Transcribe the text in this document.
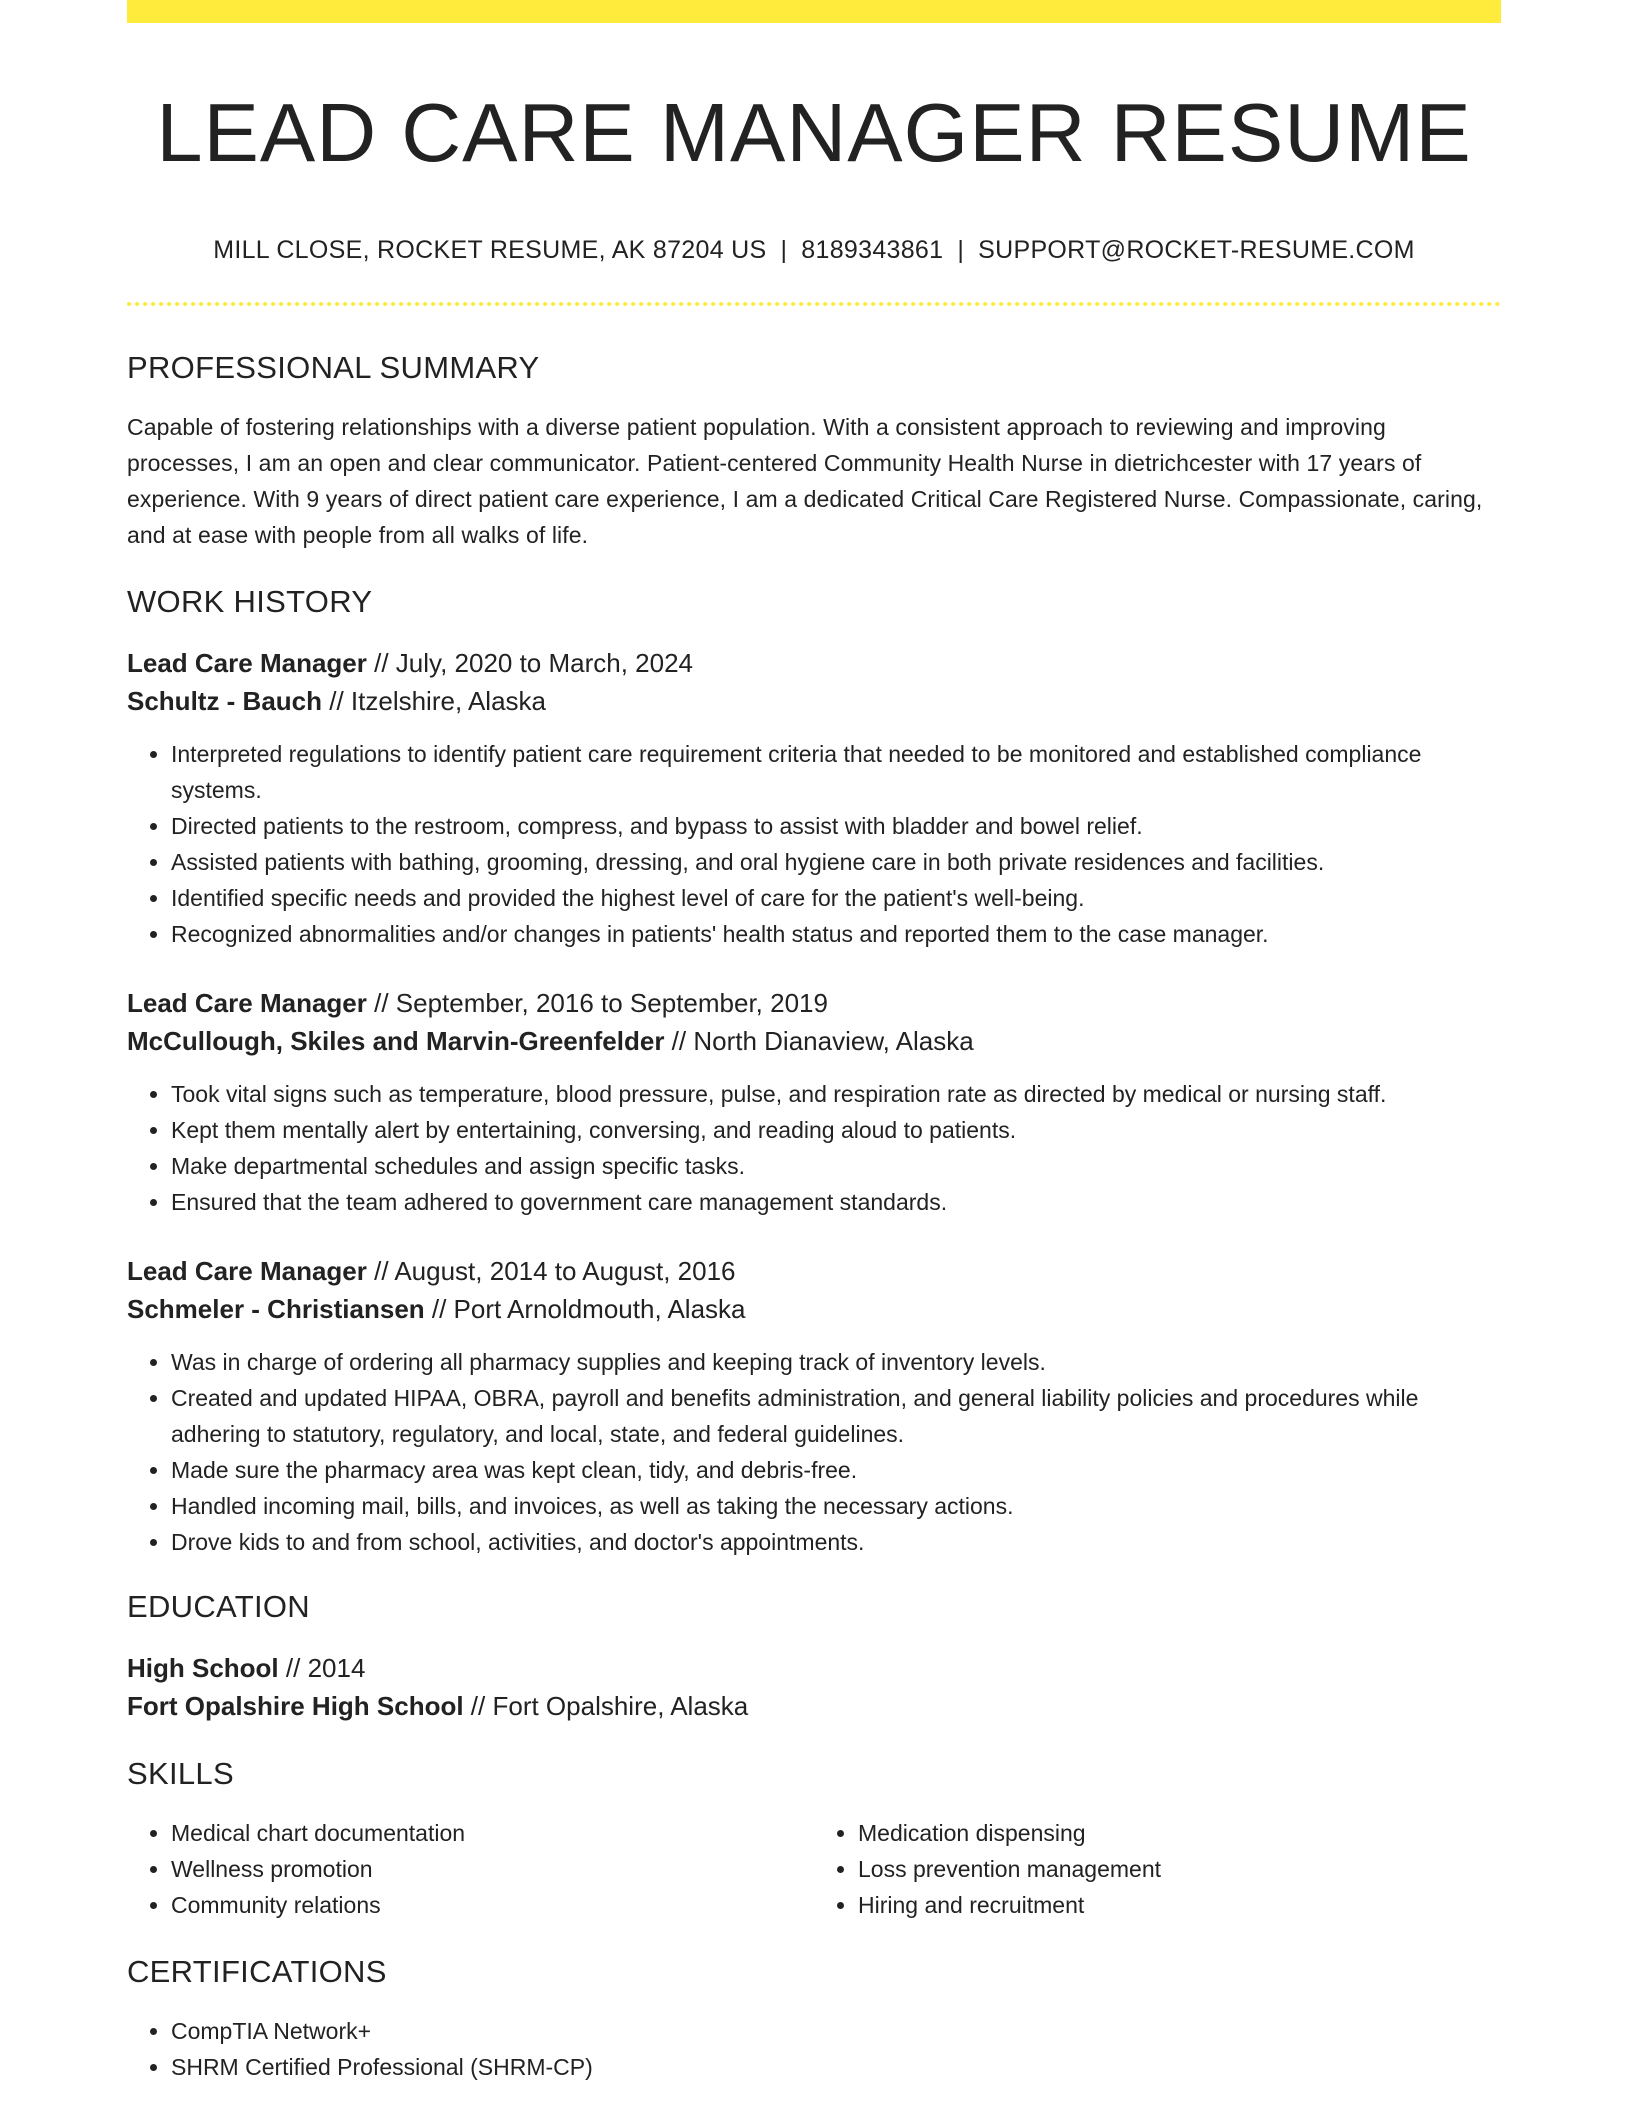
LEAD CARE MANAGER RESUME
MILL CLOSE, ROCKET RESUME, AK 87204 US | 8189343861 | SUPPORT@ROCKET-RESUME.COM
PROFESSIONAL SUMMARY
Capable of fostering relationships with a diverse patient population. With a consistent approach to reviewing and improving processes, I am an open and clear communicator. Patient-centered Community Health Nurse in dietrichcester with 17 years of experience. With 9 years of direct patient care experience, I am a dedicated Critical Care Registered Nurse. Compassionate, caring, and at ease with people from all walks of life.
WORK HISTORY
Lead Care Manager // July, 2020 to March, 2024
Schultz - Bauch // Itzelshire, Alaska
• Interpreted regulations to identify patient care requirement criteria that needed to be monitored and established compliance systems.
• Directed patients to the restroom, compress, and bypass to assist with bladder and bowel relief.
• Assisted patients with bathing, grooming, dressing, and oral hygiene care in both private residences and facilities.
• Identified specific needs and provided the highest level of care for the patient's well-being.
• Recognized abnormalities and/or changes in patients' health status and reported them to the case manager.
Lead Care Manager // September, 2016 to September, 2019
McCullough, Skiles and Marvin-Greenfelder // North Dianaview, Alaska
• Took vital signs such as temperature, blood pressure, pulse, and respiration rate as directed by medical or nursing staff.
• Kept them mentally alert by entertaining, conversing, and reading aloud to patients.
• Make departmental schedules and assign specific tasks.
• Ensured that the team adhered to government care management standards.
Lead Care Manager // August, 2014 to August, 2016
Schmeler - Christiansen // Port Arnoldmouth, Alaska
• Was in charge of ordering all pharmacy supplies and keeping track of inventory levels.
• Created and updated HIPAA, OBRA, payroll and benefits administration, and general liability policies and procedures while adhering to statutory, regulatory, and local, state, and federal guidelines.
• Made sure the pharmacy area was kept clean, tidy, and debris-free.
• Handled incoming mail, bills, and invoices, as well as taking the necessary actions.
• Drove kids to and from school, activities, and doctor's appointments.
EDUCATION
High School // 2014
Fort Opalshire High School // Fort Opalshire, Alaska
SKILLS
• Medical chart documentation
• Wellness promotion
• Community relations
• Medication dispensing
• Loss prevention management
• Hiring and recruitment
CERTIFICATIONS
• CompTIA Network+
• SHRM Certified Professional (SHRM-CP)
